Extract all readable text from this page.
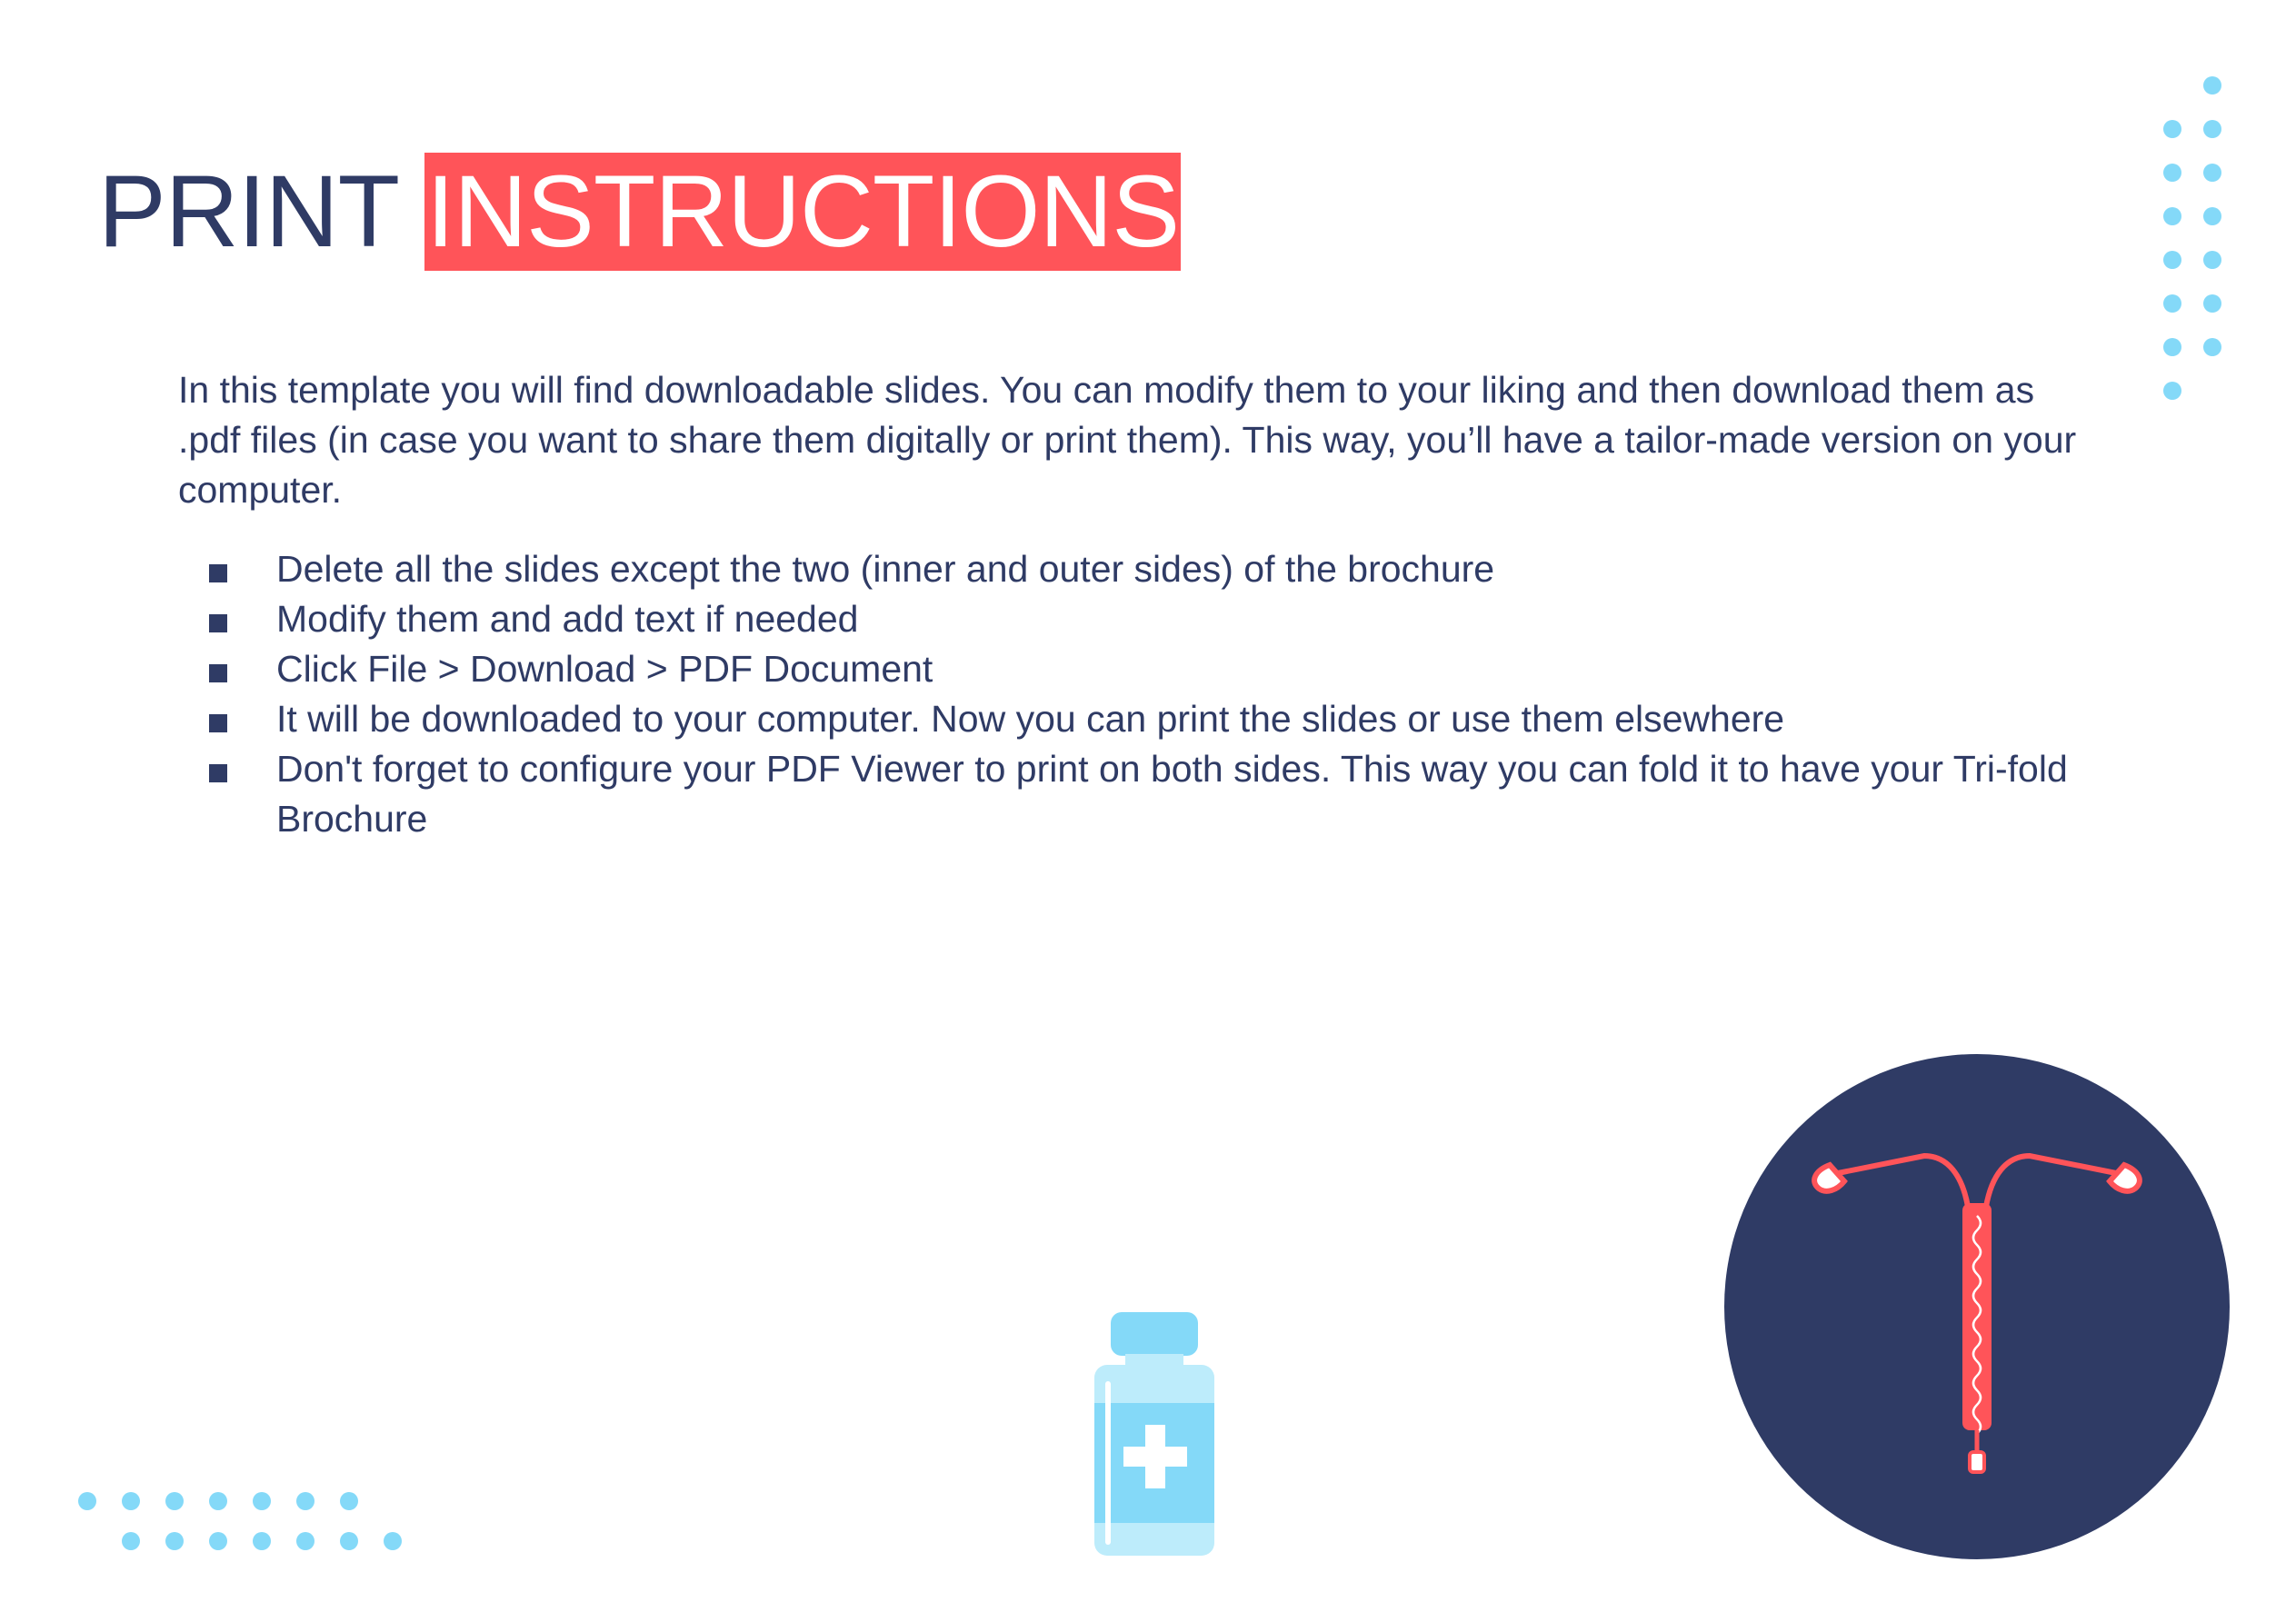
PRINT INSTRUCTIONS

In this template you will find downloadable slides. You can modify them to your liking and then download them as .pdf files (in case you want to share them digitally or print them). This way, you’ll have a tailor-made version on your computer.

Delete all the slides except the two (inner and outer sides) of the brochure
Modify them and add text if needed
Click File > Download > PDF Document
It will be downloaded to your computer. Now you can print the slides or use them elsewhere
Don't forget to configure your PDF Viewer to print on both sides. This way you can fold it to have your Tri-fold Brochure
